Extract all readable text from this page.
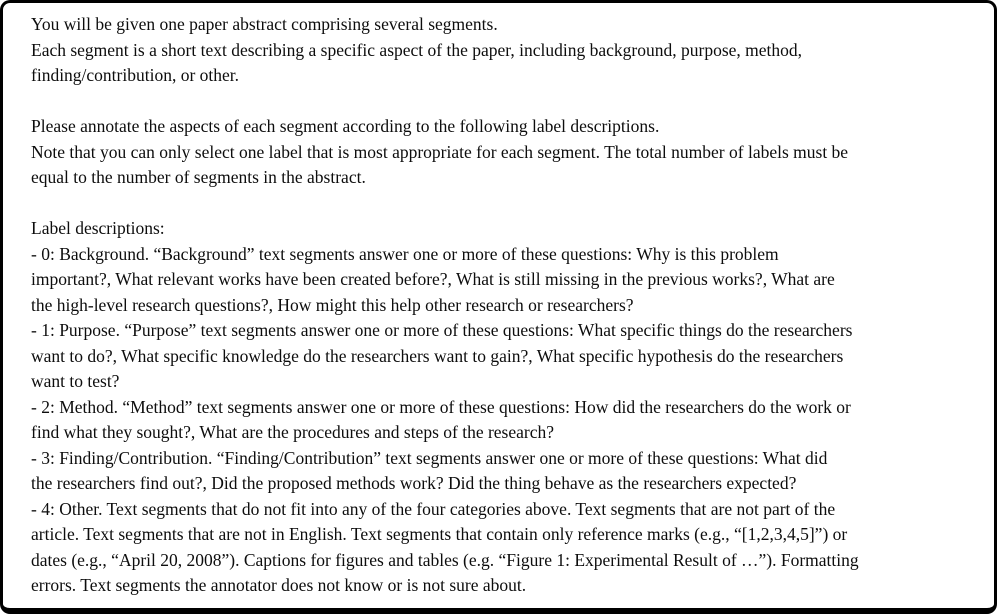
You will be given one paper abstract comprising several segments.
Each segment is a short text describing a specific aspect of the paper, including background, purpose, method,
finding/contribution, or other.
Please annotate the aspects of each segment according to the following label descriptions.
Note that you can only select one label that is most appropriate for each segment. The total number of labels must be
equal to the number of segments in the abstract.
Label descriptions:
- 0: Background. “Background” text segments answer one or more of these questions: Why is this problem
important?, What relevant works have been created before?, What is still missing in the previous works?, What are
the high-level research questions?, How might this help other research or researchers?
- 1: Purpose. “Purpose” text segments answer one or more of these questions: What specific things do the researchers
want to do?, What specific knowledge do the researchers want to gain?, What specific hypothesis do the researchers
want to test?
- 2: Method. “Method” text segments answer one or more of these questions: How did the researchers do the work or
find what they sought?, What are the procedures and steps of the research?
- 3: Finding/Contribution. “Finding/Contribution” text segments answer one or more of these questions: What did
the researchers find out?, Did the proposed methods work? Did the thing behave as the researchers expected?
- 4: Other. Text segments that do not fit into any of the four categories above. Text segments that are not part of the
article. Text segments that are not in English. Text segments that contain only reference marks (e.g., “[1,2,3,4,5]”) or
dates (e.g., “April 20, 2008”). Captions for figures and tables (e.g. “Figure 1: Experimental Result of …”). Formatting
errors. Text segments the annotator does not know or is not sure about.
